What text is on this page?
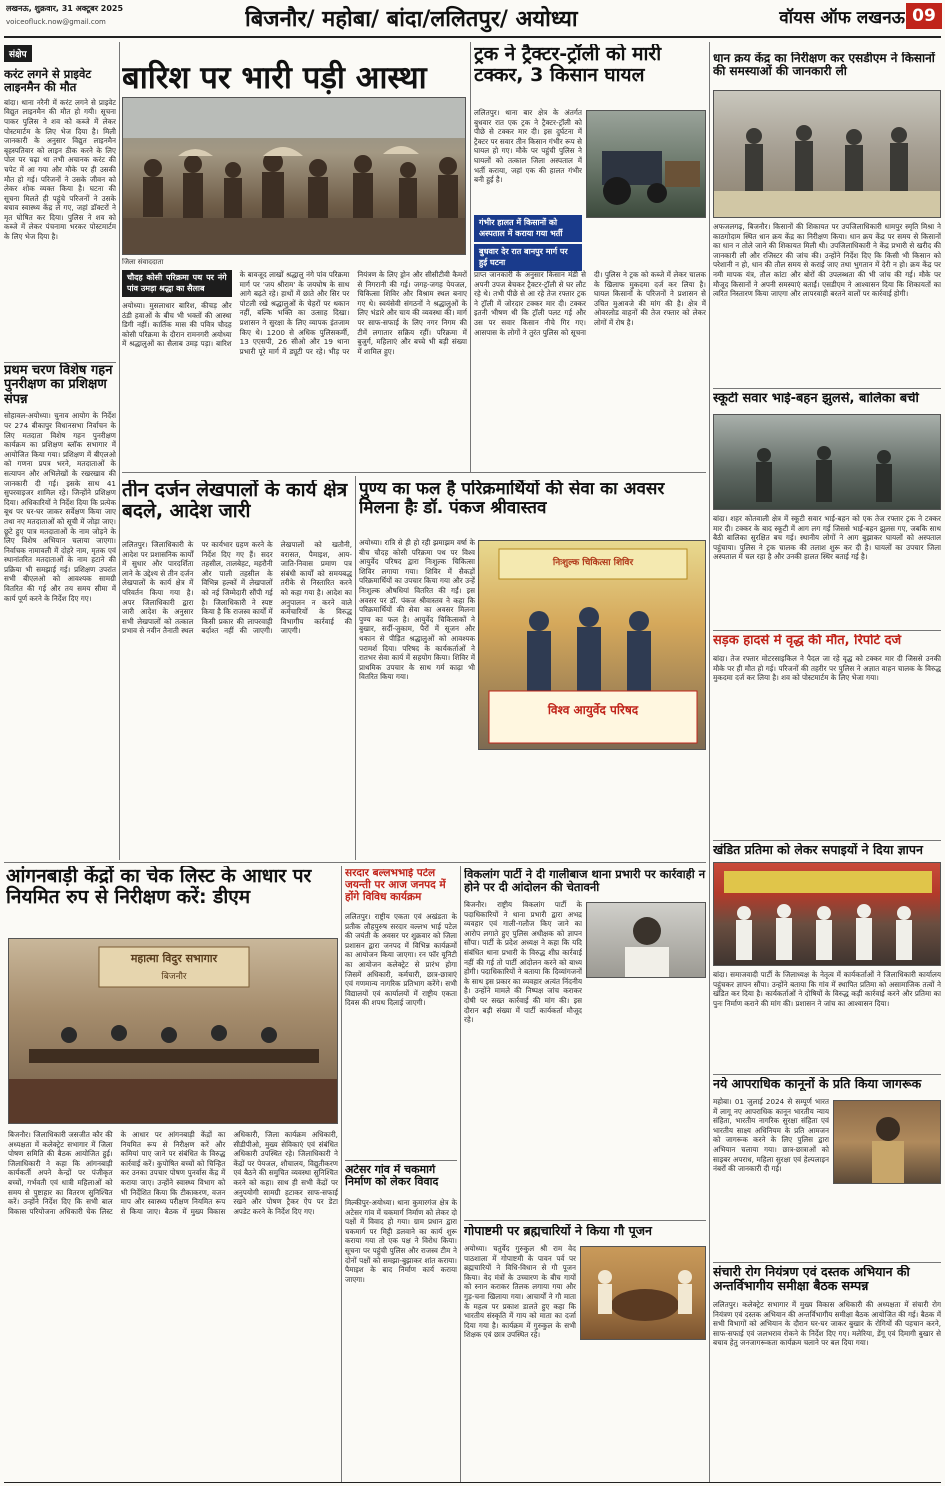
लखनऊ, शुक्रवार, 31 अक्टूबर 2025
voiceofluck.now@gmail.com	बिजनौर/ महोबा/ बांदा/ललितपुर/ अयोध्या	वॉयस ऑफ लखनऊ 09
संक्षेप
करंट लगने से प्राइवेट लाइनमैन की मौत
बांदा। थाना नरैनी में करंट लगने से प्राइवेट विद्युत लाइनमैन की मौत हो गयी। सूचना पाकर पुलिस ने शव को कब्जे में लेकर पोस्टमार्टम के लिए भेज दिया है। मिली जानकारी के अनुसार विद्युत लाइनमैन बृहस्पतिवार को लाइन ठीक करने के लिए पोल पर चढ़ा था तभी अचानक करंट की चपेट में आ गया और मौके पर ही उसकी मौत हो गई। परिजनों ने उसके जीवन को लेकर शोक व्यक्त किया है। घटना की सूचना मिलते ही पहुंचे परिजनों ने उसके बचाव स्वास्थ्य केंद्र ले गए, जहां डॉक्टरों ने मृत घोषित कर दिया। पुलिस ने शव को कब्जे में लेकर पंचनामा भरकर पोस्टमार्टम के लिए भेज दिया है।
प्रथम चरण विशेष गहन पुनरीक्षण का प्रशिक्षण संपन्न
सोहावल-अयोध्या। चुनाव आयोग के निर्देश पर 274 बीकापुर विधानसभा निर्वाचन के लिए मतदाता विशेष गहन पुनरीक्षण कार्यक्रम का प्रशिक्षण ब्लॉक सभागार में आयोजित किया गया। प्रशिक्षण में बीएलओ को गणना प्रपत्र भरने, मतदाताओं के सत्यापन और अभिलेखों के रखरखाव की जानकारी दी गई। इसके साथ 41 सुपरवाइजर शामिल रहे। जिन्होंने प्रशिक्षण दिया। अधिकारियों ने निर्देश दिया कि प्रत्येक बूथ पर घर-घर जाकर सर्वेक्षण किया जाए तथा नए मतदाताओं को सूची में जोड़ा जाए। छूटे हुए पात्र मतदाताओं के नाम जोड़ने के लिए विशेष अभियान चलाया जाएगा। निर्वाचक नामावली में दोहरे नाम, मृतक एवं स्थानांतरित मतदाताओं के नाम हटाने की प्रक्रिया भी समझाई गई। प्रशिक्षण उपरांत सभी बीएलओ को आवश्यक सामग्री वितरित की गई और तय समय सीमा में कार्य पूर्ण करने के निर्देश दिए गए।
बारिश पर भारी पड़ी आस्था
जिला संवाददाता
चौदह कोसी परिक्रमा पथ पर नंगे पांव उमड़ा श्रद्धा का सैलाब
अयोध्या। मुसलाधार बारिश, कीचड़ और ठंडी हवाओं के बीच भी भक्तों की आस्था डिगी नहीं। कार्तिक मास की पवित्र चौदह कोसी परिक्रमा के दौरान रामनगरी अयोध्या में श्रद्धालुओं का सैलाब उमड़ पड़ा। बारिश के बावजूद लाखों श्रद्धालु नंगे पांव परिक्रमा मार्ग पर 'जय श्रीराम' के जयघोष के साथ आगे बढ़ते रहे। हाथों में छाते और सिर पर पोटली रखे श्रद्धालुओं के चेहरों पर थकान नहीं, बल्कि भक्ति का उत्साह दिखा। प्रशासन ने सुरक्षा के लिए व्यापक इंतजाम किए थे। 1200 से अधिक पुलिसकर्मी, 13 एएसपी, 26 सीओ और 19 थाना प्रभारी पूरे मार्ग में ड्यूटी पर रहे। भीड़ पर नियंत्रण के लिए ड्रोन और सीसीटीवी कैमरों से निगरानी की गई। जगह-जगह पेयजल, चिकित्सा शिविर और विश्राम स्थल बनाए गए थे। स्वयंसेवी संगठनों ने श्रद्धालुओं के लिए भंडारे और चाय की व्यवस्था की। मार्ग पर साफ-सफाई के लिए नगर निगम की टीमें लगातार सक्रिय रहीं। परिक्रमा में बुजुर्ग, महिलाएं और बच्चे भी बड़ी संख्या में शामिल हुए।
ट्रक ने ट्रैक्टर-ट्रॉली को मारी टक्कर, 3 किसान घायल
ललितपुर। थाना बार क्षेत्र के अंतर्गत बुधवार रात एक ट्रक ने ट्रैक्टर-ट्रॉली को पीछे से टक्कर मार दी। इस दुर्घटना में ट्रैक्टर पर सवार तीन किसान गंभीर रूप से घायल हो गए। मौके पर पहुंची पुलिस ने घायलों को तत्काल जिला अस्पताल में भर्ती कराया, जहां एक की हालत गंभीर बनी हुई है।
गंभीर हालत में किसानों को अस्पताल में कराया गया भर्ती
बुधवार देर रात बानपुर मार्ग पर हुई घटना
प्राप्त जानकारी के अनुसार किसान मंडी से अपनी उपज बेचकर ट्रैक्टर-ट्रॉली से घर लौट रहे थे। तभी पीछे से आ रहे तेज रफ्तार ट्रक ने ट्रॉली में जोरदार टक्कर मार दी। टक्कर इतनी भीषण थी कि ट्रॉली पलट गई और उस पर सवार किसान नीचे गिर गए। आसपास के लोगों ने तुरंत पुलिस को सूचना दी। पुलिस ने ट्रक को कब्जे में लेकर चालक के खिलाफ मुकदमा दर्ज कर लिया है। घायल किसानों के परिजनों ने प्रशासन से उचित मुआवजे की मांग की है। क्षेत्र में ओवरलोड वाहनों की तेज रफ्तार को लेकर लोगों में रोष है।
धान क्रय केंद्र का निरीक्षण कर एसडीएम ने किसानों की समस्याओं की जानकारी ली
अफजलगढ़, बिजनौर। किसानों की शिकायत पर उपजिलाधिकारी धामपुर स्मृति मिश्रा ने काठगोदाम स्थित धान क्रय केंद्र का निरीक्षण किया। धान क्रय केंद्र पर समय से किसानों का धान न तोले जाने की शिकायत मिली थी। उपजिलाधिकारी ने केंद्र प्रभारी से खरीद की जानकारी ली और रजिस्टर की जांच की। उन्होंने निर्देश दिए कि किसी भी किसान को परेशानी न हो, धान की तौल समय से कराई जाए तथा भुगतान में देरी न हो। क्रय केंद्र पर नमी मापक यंत्र, तौल कांटा और बोरों की उपलब्धता की भी जांच की गई। मौके पर मौजूद किसानों ने अपनी समस्याएं बताईं। एसडीएम ने आश्वासन दिया कि शिकायतों का त्वरित निस्तारण किया जाएगा और लापरवाही बरतने वालों पर कार्रवाई होगी।
स्कूटी सवार भाई-बहन झुलसे, बालिका बची
बांदा। शहर कोतवाली क्षेत्र में स्कूटी सवार भाई-बहन को एक तेज रफ्तार ट्रक ने टक्कर मार दी। टक्कर के बाद स्कूटी में आग लग गई जिससे भाई-बहन झुलस गए, जबकि साथ बैठी बालिका सुरक्षित बच गई। स्थानीय लोगों ने आग बुझाकर घायलों को अस्पताल पहुंचाया। पुलिस ने ट्रक चालक की तलाश शुरू कर दी है। घायलों का उपचार जिला अस्पताल में चल रहा है और उनकी हालत स्थिर बताई गई है।
सड़क हादसे में वृद्ध की मौत, रिपोर्ट दर्ज
बांदा। तेज रफ्तार मोटरसाइकिल ने पैदल जा रहे वृद्ध को टक्कर मार दी जिससे उनकी मौके पर ही मौत हो गई। परिजनों की तहरीर पर पुलिस ने अज्ञात वाहन चालक के विरुद्ध मुकदमा दर्ज कर लिया है। शव को पोस्टमार्टम के लिए भेजा गया।
खंडित प्रतिमा को लेकर सपाइयों ने दिया ज्ञापन
बांदा। समाजवादी पार्टी के जिलाध्यक्ष के नेतृत्व में कार्यकर्ताओं ने जिलाधिकारी कार्यालय पहुंचकर ज्ञापन सौंपा। उन्होंने बताया कि गांव में स्थापित प्रतिमा को असामाजिक तत्वों ने खंडित कर दिया है। कार्यकर्ताओं ने दोषियों के विरुद्ध कड़ी कार्रवाई करने और प्रतिमा का पुनः निर्माण कराने की मांग की। प्रशासन ने जांच का आश्वासन दिया।
नये आपराधिक कानूनों के प्रति किया जागरूक
महोबा। 01 जुलाई 2024 से सम्पूर्ण भारत में लागू नए आपराधिक कानून भारतीय न्याय संहिता, भारतीय नागरिक सुरक्षा संहिता एवं भारतीय साक्ष्य अधिनियम के प्रति आमजन को जागरूक करने के लिए पुलिस द्वारा अभियान चलाया गया। छात्र-छात्राओं को साइबर अपराध, महिला सुरक्षा एवं हेल्पलाइन नंबरों की जानकारी दी गई।
संचारी रोग नियंत्रण एवं दस्तक अभियान की अन्तर्विभागीय समीक्षा बैठक सम्पन्न
ललितपुर। कलेक्ट्रेट सभागार में मुख्य विकास अधिकारी की अध्यक्षता में संचारी रोग नियंत्रण एवं दस्तक अभियान की अन्तर्विभागीय समीक्षा बैठक आयोजित की गई। बैठक में सभी विभागों को अभियान के दौरान घर-घर जाकर बुखार के रोगियों की पहचान करने, साफ-सफाई एवं जलभराव रोकने के निर्देश दिए गए। मलेरिया, डेंगू एवं दिमागी बुखार से बचाव हेतु जनजागरूकता कार्यक्रम चलाने पर बल दिया गया।
तीन दर्जन लेखपालों के कार्य क्षेत्र बदले, आदेश जारी
ललितपुर। जिलाधिकारी के आदेश पर प्रशासनिक कार्यों में सुधार और पारदर्शिता लाने के उद्देश्य से तीन दर्जन लेखपालों के कार्य क्षेत्र में परिवर्तन किया गया है। अपर जिलाधिकारी द्वारा जारी आदेश के अनुसार सभी लेखपालों को तत्काल प्रभाव से नवीन तैनाती स्थल पर कार्यभार ग्रहण करने के निर्देश दिए गए हैं। सदर तहसील, तालबेहट, महरौनी और पाली तहसील के विभिन्न हल्कों में लेखपालों को नई जिम्मेदारी सौंपी गई है। जिलाधिकारी ने स्पष्ट किया है कि राजस्व कार्यों में किसी प्रकार की लापरवाही बर्दाश्त नहीं की जाएगी। लेखपालों को खतौनी, वरासत, पैमाइश, आय-जाति-निवास प्रमाण पत्र संबंधी कार्यों को समयबद्ध तरीके से निस्तारित करने को कहा गया है। आदेश का अनुपालन न करने वाले कर्मचारियों के विरुद्ध विभागीय कार्रवाई की जाएगी।
पुण्य का फल है परिक्रमार्थियों की सेवा का अवसर मिलना हैः डॉ. पंकज श्रीवास्तव
अयोध्या। रात्रि से ही हो रही झमाझम वर्षा के बीच चौदह कोसी परिक्रमा पथ पर विश्व आयुर्वेद परिषद द्वारा निःशुल्क चिकित्सा शिविर लगाया गया। शिविर में सैकड़ों परिक्रमार्थियों का उपचार किया गया और उन्हें निःशुल्क औषधियां वितरित की गईं। इस अवसर पर डॉ. पंकज श्रीवास्तव ने कहा कि परिक्रमार्थियों की सेवा का अवसर मिलना पुण्य का फल है। आयुर्वेद चिकित्सकों ने बुखार, सर्दी-जुकाम, पैरों में सूजन और थकान से पीड़ित श्रद्धालुओं को आवश्यक परामर्श दिया। परिषद के कार्यकर्ताओं ने रातभर सेवा कार्य में सहयोग किया। शिविर में प्राथमिक उपचार के साथ गर्म काढ़ा भी वितरित किया गया।
निःशुल्क चिकित्सा शिविर
विश्व आयुर्वेद परिषद
आंगनबाड़ी केंद्रों का चेक लिस्ट के आधार पर नियमित रुप से निरीक्षण करें: डीएम
महात्मा विदुर सभागार
बिजनौर
बिजनौर। जिलाधिकारी जसजीत कौर की अध्यक्षता में कलेक्ट्रेट सभागार में जिला पोषण समिति की बैठक आयोजित हुई। जिलाधिकारी ने कहा कि आंगनबाड़ी कार्यकर्ती अपने केन्द्रों पर पंजीकृत बच्चों, गर्भवती एवं धात्री महिलाओं को समय से पुष्टाहार का वितरण सुनिश्चित करें। उन्होंने निर्देश दिए कि सभी बाल विकास परियोजना अधिकारी चेक लिस्ट के आधार पर आंगनबाड़ी केंद्रों का नियमित रूप से निरीक्षण करें और कमियां पाए जाने पर संबंधित के विरुद्ध कार्रवाई करें। कुपोषित बच्चों को चिन्हित कर उनका उपचार पोषण पुनर्वास केंद्र में कराया जाए। उन्होंने स्वास्थ्य विभाग को भी निर्देशित किया कि टीकाकरण, वजन माप और स्वास्थ्य परीक्षण नियमित रूप से किया जाए। बैठक में मुख्य विकास अधिकारी, जिला कार्यक्रम अधिकारी, सीडीपीओ, मुख्य सेविकाएं एवं संबंधित अधिकारी उपस्थित रहे। जिलाधिकारी ने केंद्रों पर पेयजल, शौचालय, विद्युतीकरण एवं बैठने की समुचित व्यवस्था सुनिश्चित करने को कहा। साथ ही सभी केंद्रों पर अनुपयोगी सामग्री हटाकर साफ-सफाई रखने और पोषण ट्रैकर ऐप पर डेटा अपडेट करने के निर्देश दिए गए।
सरदार बल्लभभाई पटेल जयन्ती पर आज जनपद में होंगे विविध कार्यक्रम
ललितपुर। राष्ट्रीय एकता एवं अखंडता के प्रतीक लौहपुरुष सरदार वल्लभ भाई पटेल की जयंती के अवसर पर शुक्रवार को जिला प्रशासन द्वारा जनपद में विभिन्न कार्यक्रमों का आयोजन किया जाएगा। रन फॉर यूनिटी का आयोजन कलेक्ट्रेट से प्रारंभ होगा जिसमें अधिकारी, कर्मचारी, छात्र-छात्राएं एवं गणमान्य नागरिक प्रतिभाग करेंगे। सभी विद्यालयों एवं कार्यालयों में राष्ट्रीय एकता दिवस की शपथ दिलाई जाएगी।
अटेसर गांव में चकमार्ग निर्माण को लेकर विवाद
मिल्कीपुर-अयोध्या। थाना कुमारगंज क्षेत्र के अटेसर गांव में चकमार्ग निर्माण को लेकर दो पक्षों में विवाद हो गया। ग्राम प्रधान द्वारा चकमार्ग पर मिट्टी डलवाने का कार्य शुरू कराया गया तो एक पक्ष ने विरोध किया। सूचना पर पहुंची पुलिस और राजस्व टीम ने दोनों पक्षों को समझा-बुझाकर शांत कराया। पैमाइश के बाद निर्माण कार्य कराया जाएगा।
विकलांग पार्टी ने दी गालीबाज थाना प्रभारी पर कार्रवाही न होने पर दी आंदोलन की चेतावनी
बिजनौर। राष्ट्रीय विकलांग पार्टी के पदाधिकारियों ने थाना प्रभारी द्वारा अभद्र व्यवहार एवं गाली-गलौज किए जाने का आरोप लगाते हुए पुलिस अधीक्षक को ज्ञापन सौंपा। पार्टी के प्रदेश अध्यक्ष ने कहा कि यदि संबंधित थाना प्रभारी के विरुद्ध शीघ्र कार्रवाई नहीं की गई तो पार्टी आंदोलन करने को बाध्य होगी। पदाधिकारियों ने बताया कि दिव्यांगजनों के साथ इस प्रकार का व्यवहार अत्यंत निंदनीय है। उन्होंने मामले की निष्पक्ष जांच कराकर दोषी पर सख्त कार्रवाई की मांग की। इस दौरान बड़ी संख्या में पार्टी कार्यकर्ता मौजूद रहे।
गोपाष्टमी पर ब्रह्मचारियों ने किया गौ पूजन
अयोध्या। चतुर्वेद गुरुकुल श्री राम वेद पाठशाला में गोपाष्टमी के पावन पर्व पर ब्रह्मचारियों ने विधि-विधान से गौ पूजन किया। वेद मंत्रों के उच्चारण के बीच गायों को स्नान कराकर तिलक लगाया गया और गुड़-चना खिलाया गया। आचार्यों ने गौ माता के महत्व पर प्रकाश डालते हुए कहा कि भारतीय संस्कृति में गाय को माता का दर्जा दिया गया है। कार्यक्रम में गुरुकुल के सभी शिक्षक एवं छात्र उपस्थित रहे।
